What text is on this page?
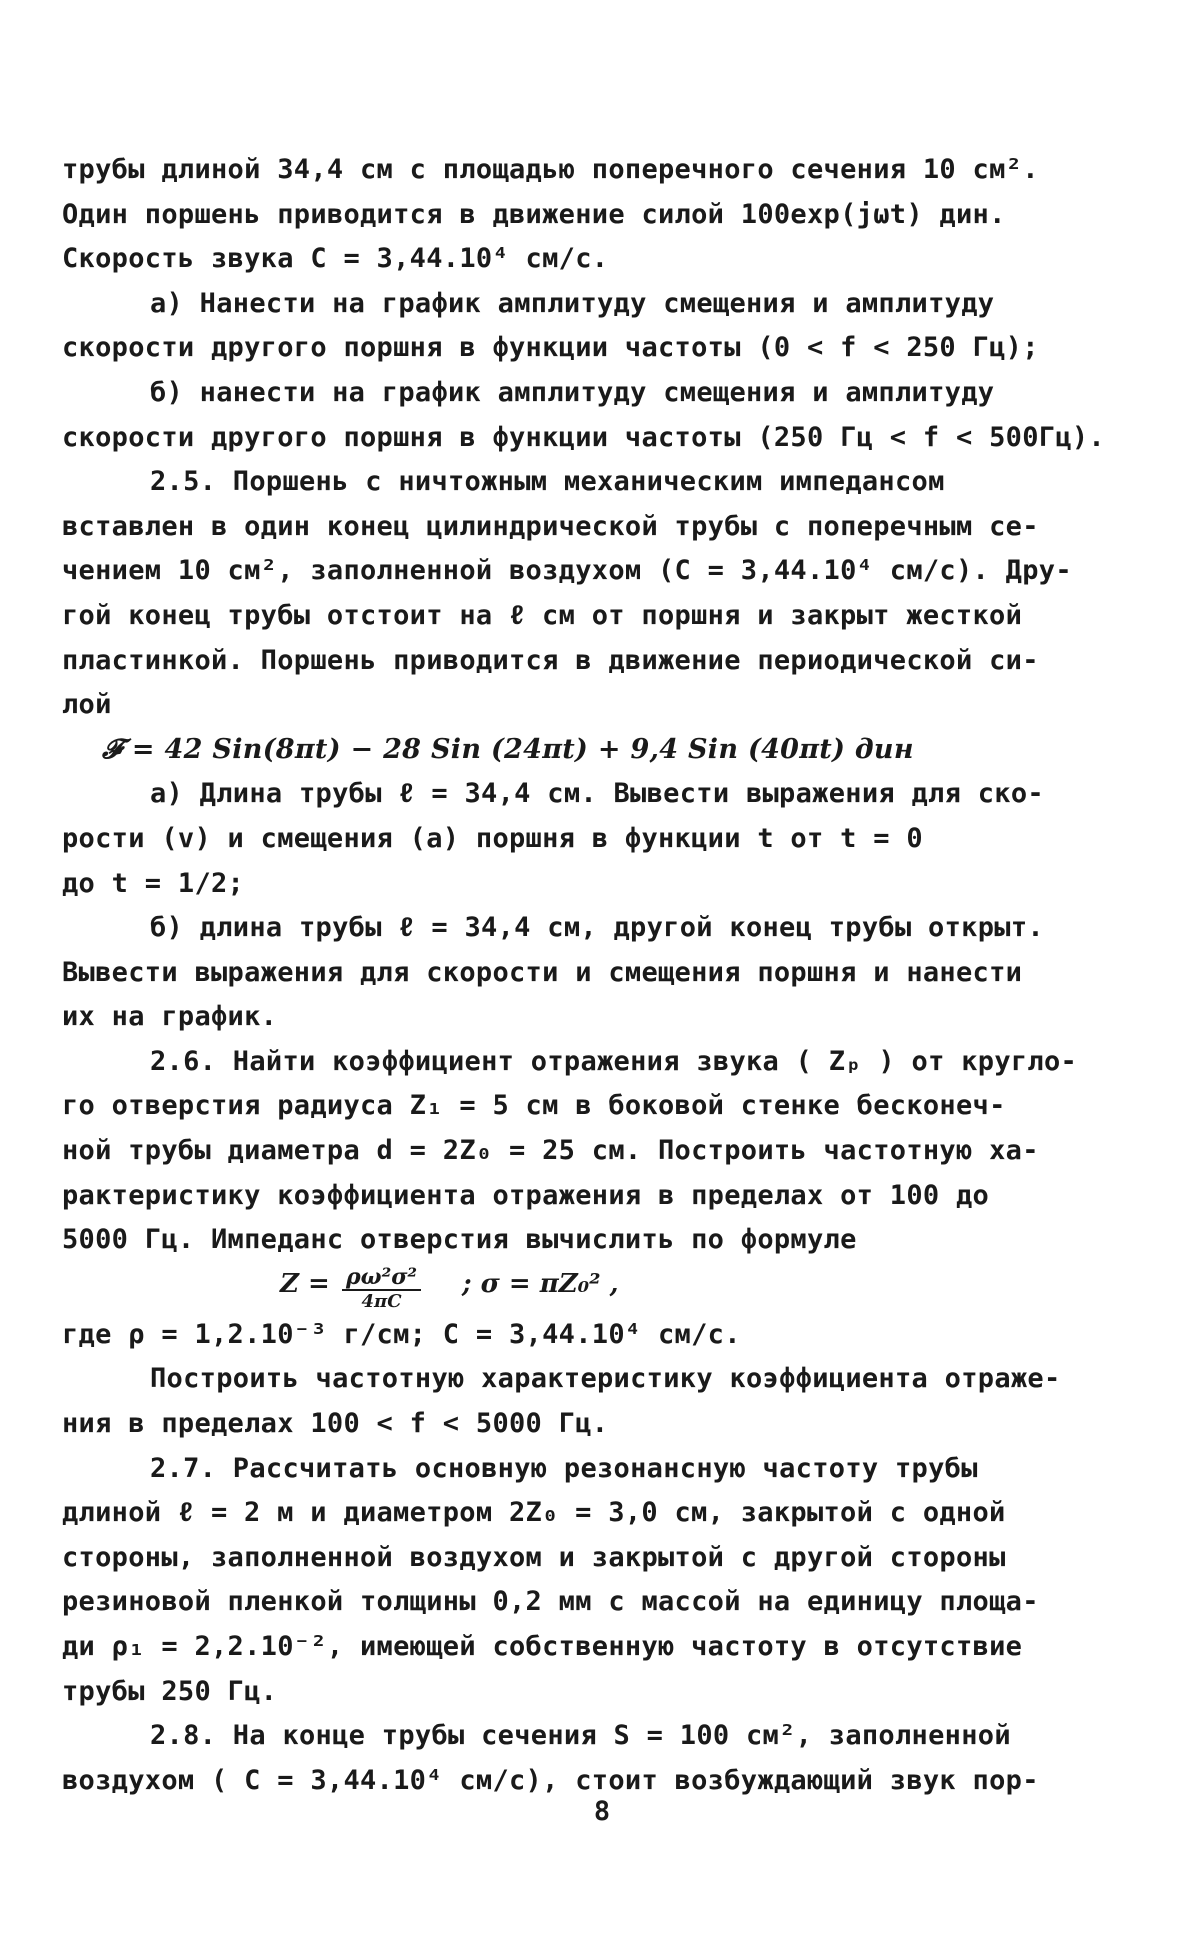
трубы длиной 34,4 см с площадью поперечного сечения 10 см².
Один поршень приводится в движение силой 100exp(jωt) дин.
Скорость звука C = 3,44.10⁴ см/с.
а) Нанести на график амплитуду смещения и амплитуду
скорости другого поршня в функции частоты (0 < f < 250 Гц);
б) нанести на график амплитуду смещения и амплитуду
скорости другого поршня в функции частоты (250 Гц < f < 500Гц).
2.5. Поршень с ничтожным механическим импедансом
вставлен в один конец цилиндрической трубы с поперечным се-
чением 10 см², заполненной воздухом (C = 3,44.10⁴ см/с). Дру-
гой конец трубы отстоит на ℓ см от поршня и закрыт жесткой
пластинкой. Поршень приводится в движение периодической си-
лой
𝓕 = 42 Sin(8πt) − 28 Sin (24πt) + 9,4 Sin (40πt) дин
а) Длина трубы ℓ = 34,4 см. Вывести выражения для ско-
рости (v) и смещения (a) поршня в функции t от t = 0
до t = 1/2;
б) длина трубы ℓ = 34,4 см, другой конец трубы открыт.
Вывести выражения для скорости и смещения поршня и нанести
их на график.
2.6. Найти коэффициент отражения звука ( Zₚ ) от кругло-
го отверстия радиуса Z₁ = 5 см в боковой стенке бесконеч-
ной трубы диаметра d = 2Z₀ = 25 см. Построить частотную ха-
рактеристику коэффициента отражения в пределах от 100 до
5000 Гц. Импеданс отверстия вычислить по формуле
Z = ρω²σ²
4πC
; σ = πZ₀² ,
где ρ = 1,2.10⁻³ г/см; C = 3,44.10⁴ см/с.
Построить частотную характеристику коэффициента отраже-
ния в пределах 100 < f < 5000 Гц.
2.7. Рассчитать основную резонансную частоту трубы
длиной ℓ = 2 м и диаметром 2Z₀ = 3,0 см, закрытой с одной
стороны, заполненной воздухом и закрытой с другой стороны
резиновой пленкой толщины 0,2 мм с массой на единицу площа-
ди ρ₁ = 2,2.10⁻², имеющей собственную частоту в отсутствие
трубы 250 Гц.
2.8. На конце трубы сечения S = 100 см², заполненной
воздухом ( C = 3,44.10⁴ см/с), стоит возбуждающий звук пор-
8
